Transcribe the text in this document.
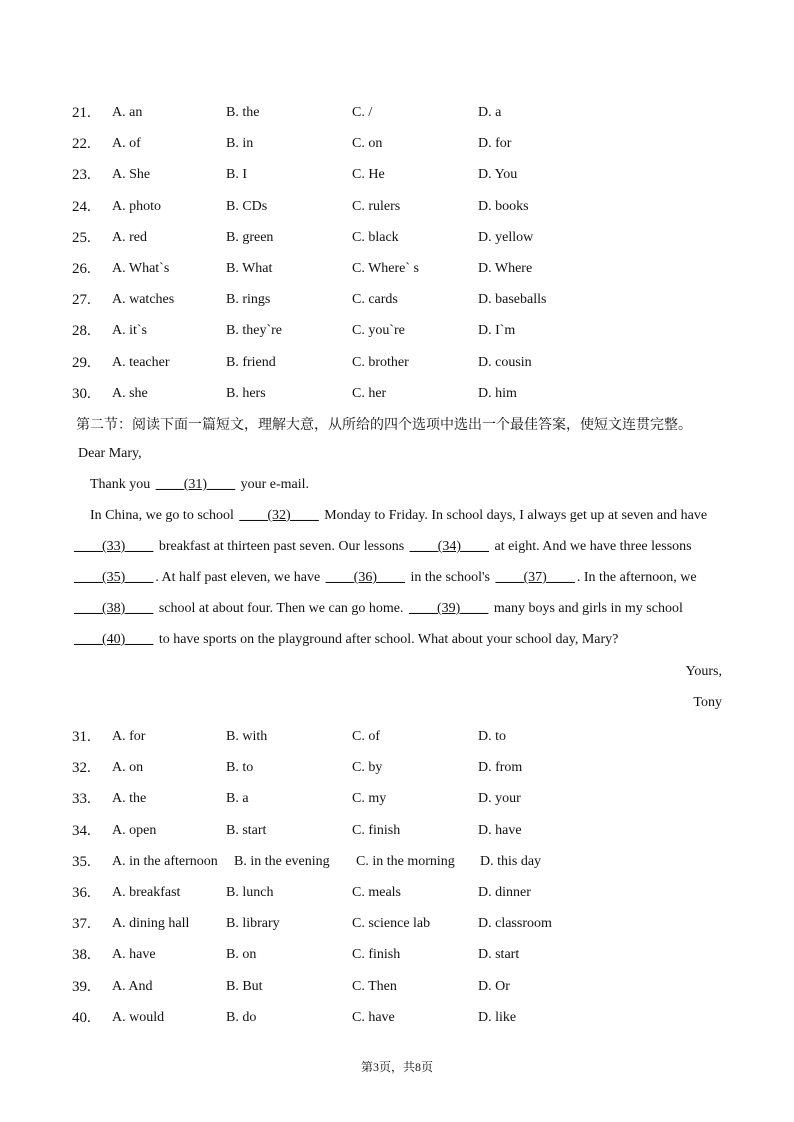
21. A. an	B. the	C. /	D. a
22. A. of	B. in	C. on	D. for
23. A. She	B. I	C. He	D. You
24. A. photo	B. CDs	C. rulers	D. books
25. A. red	B. green	C. black	D. yellow
26. A. What`s	B. What	C. Where` s	D. Where
27. A. watches	B. rings	C. cards	D. baseballs
28. A. it`s	B. they`re	C. you`re	D. I`m
29. A. teacher	B. friend	C. brother	D. cousin
30. A. she	B. hers	C. her	D. him
第二节：阅读下面一篇短文，理解大意，从所给的四个选项中选出一个最佳答案，使短文连贯完整。
Dear Mary,
Thank you ____(31)____ your e-mail.
In China, we go to school ____(32)____ Monday to Friday. In school days, I always get up at seven and have
____(33)____ breakfast at thirteen past seven. Our lessons ____(34)____ at eight. And we have three lessons
____(35)____ . At half past eleven, we have ____(36)____ in the school's ____(37)____ . In the afternoon, we
____(38)____ school at about four. Then we can go home. ____(39)____ many boys and girls in my school
____(40)____ to have sports on the playground after school. What about your school day, Mary?
Yours,
Tony
31. A. for	B. with	C. of	D. to
32. A. on	B. to	C. by	D. from
33. A. the	B. a	C. my	D. your
34. A. open	B. start	C. finish	D. have
35. A. in the afternoon B. in the evening C. in the morning D. this day
36. A. breakfast	B. lunch	C. meals	D. dinner
37. A. dining hall	B. library	C. science lab	D. classroom
38. A. have	B. on	C. finish	D. start
39. A. And	B. But	C. Then	D. Or
40. A. would	B. do	C. have	D. like
第3页，共8页
